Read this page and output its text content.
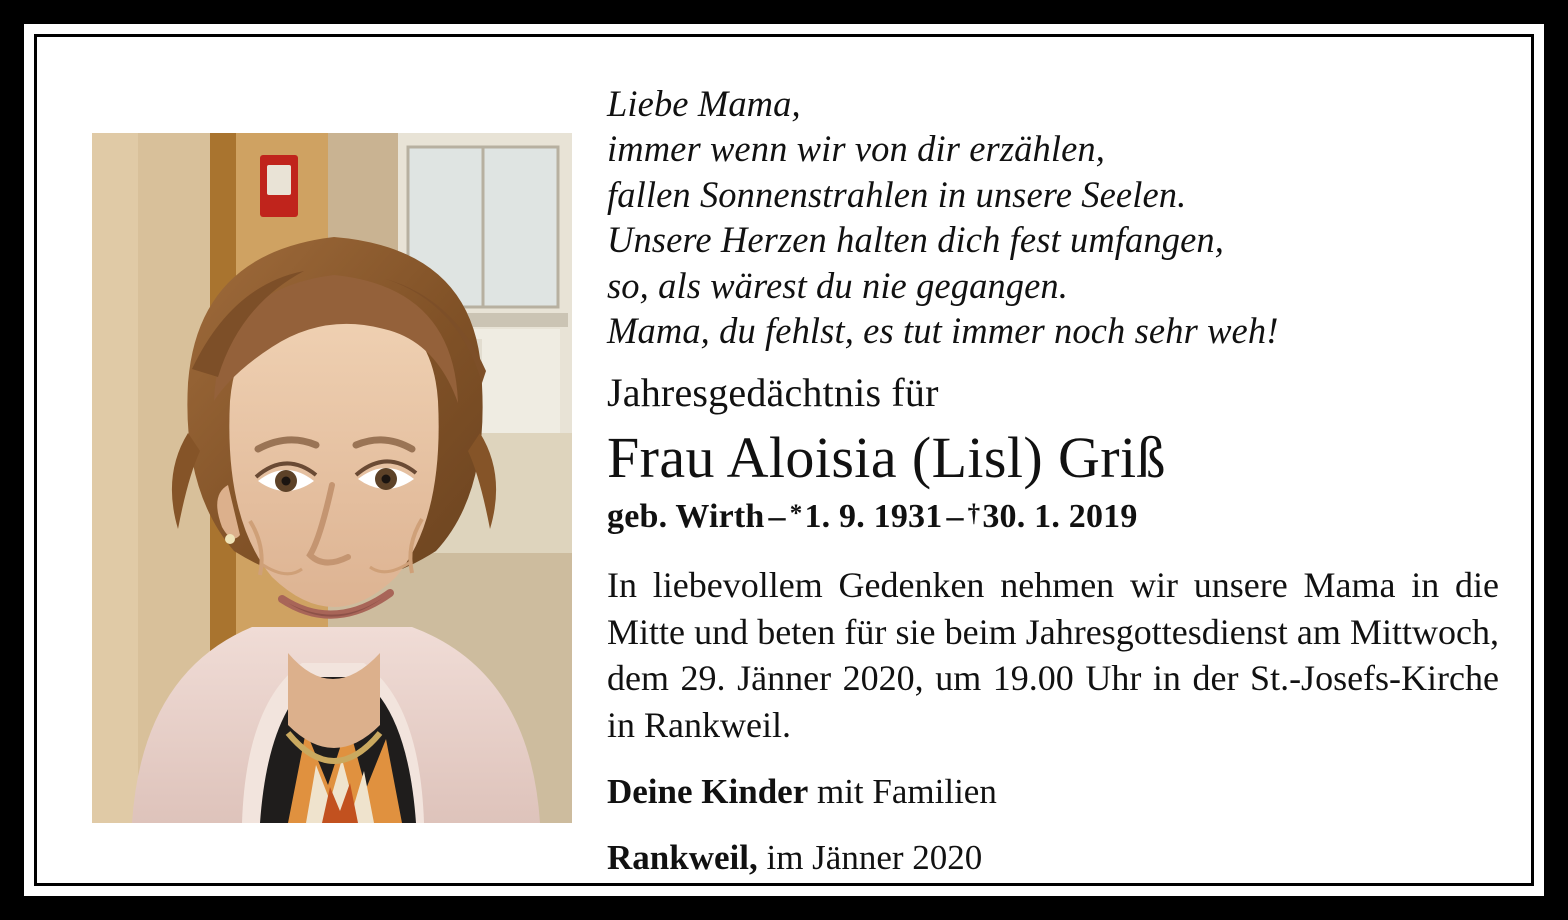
Liebe Mama,
immer wenn wir von dir erzählen,
fallen Sonnenstrahlen in unsere Seelen.
Unsere Herzen halten dich fest umfangen,
so, als wärest du nie gegangen.
Mama, du fehlst, es tut immer noch sehr weh!
Jahresgedächtnis für
Frau Aloisia (Lisl) Griß
geb. Wirth – *1. 9. 1931 – †30. 1. 2019
In liebevollem Gedenken nehmen wir unsere Mama in die Mitte und beten für sie beim Jahresgottesdienst am Mittwoch, dem 29. Jänner 2020, um 19.00 Uhr in der St.-Josefs-Kirche in Rankweil.
Deine Kinder mit Familien
Rankweil, im Jänner 2020
